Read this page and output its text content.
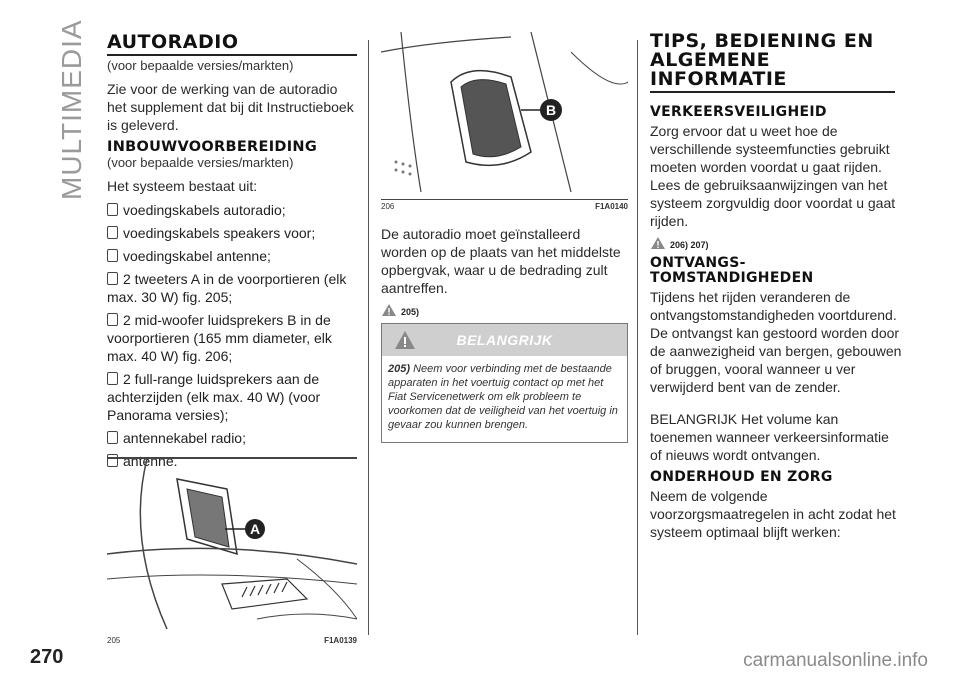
MULTIMEDIA AUTORADIO

(voor bepaalde versies/markten)

Zie voor de werking van de autoradio het supplement dat bij dit Instructieboek is geleverd.

INBOUWVOORBEREIDING

(voor bepaalde versies/markten)

Het systeem bestaat uit:

voedingskabels autoradio;
voedingskabels speakers voor;
voedingskabel antenne;
2 tweeters A in de voorportieren (elk max. 30 W) fig. 205;
2 mid-woofer luidsprekers B in de voorportieren (165 mm diameter, elk max. 40 W) fig. 206;
2 full-range luidsprekers aan de achterzijden (elk max. 40 W) (voor Panorama versies);
antennekabel radio;
antenne.
A
205	F1A0139
B
206	F1A0140

De autoradio moet geïnstalleerd worden op de plaats van het middelste opbergvak, waar u de bedrading zult aantreffen.

205)
BELANGRIJK
205) Neem voor verbinding met de bestaande apparaten in het voertuig contact op met het Fiat Servicenetwerk om elk probleem te voorkomen dat de veiligheid van het voertuig in gevaar zou kunnen brengen.
TIPS, BEDIENING EN ALGEMENE INFORMATIE
VERKEERSVEILIGHEID

Zorg ervoor dat u weet hoe de verschillende systeemfuncties gebruikt moeten worden voordat u gaat rijden. Lees de gebruiksaanwijzingen van het systeem zorgvuldig door voordat u gaat rijden.

206) 207)
ONTVANGS-TOMSTANDIGHEDEN

Tijdens het rijden veranderen de ontvangstomstandigheden voortdurend. De ontvangst kan gestoord worden door de aanwezigheid van bergen, gebouwen of bruggen, vooral wanneer u ver verwijderd bent van de zender.

BELANGRIJK Het volume kan toenemen wanneer verkeersinformatie of nieuws wordt ontvangen.

ONDERHOUD EN ZORG

Neem de volgende voorzorgsmaatregelen in acht zodat het systeem optimaal blijft werken:

270	carmanualsonline.info
